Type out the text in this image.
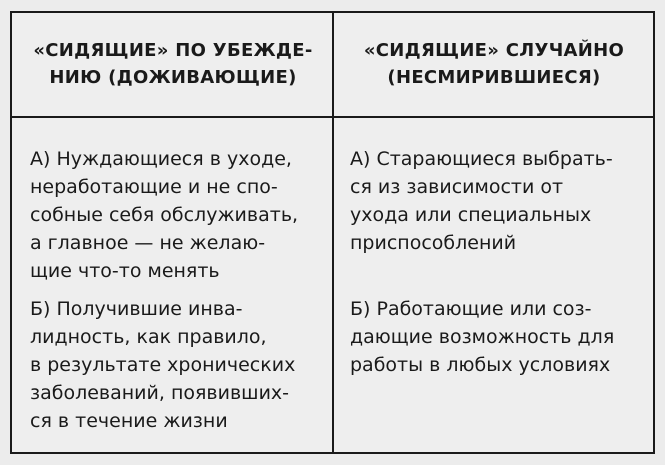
«СИДЯЩИЕ» ПО УБЕЖДЕ-
НИЮ (ДОЖИВАЮЩИЕ)
«СИДЯЩИЕ» СЛУЧАЙНО
(НЕСМИРИВШИЕСЯ)
А) Нуждающиеся в уходе,
неработающие и не спо-
собные себя обслуживать,
а главное — не желаю-
щие что-то менять
Б) Получившие инва-
лидность, как правило,
в результате хронических
заболеваний, появивших-
ся в течение жизни
А) Старающиеся выбрать-
ся из зависимости от
ухода или специальных
приспособлений
Б) Работающие или соз-
дающие возможность для
работы в любых условиях
